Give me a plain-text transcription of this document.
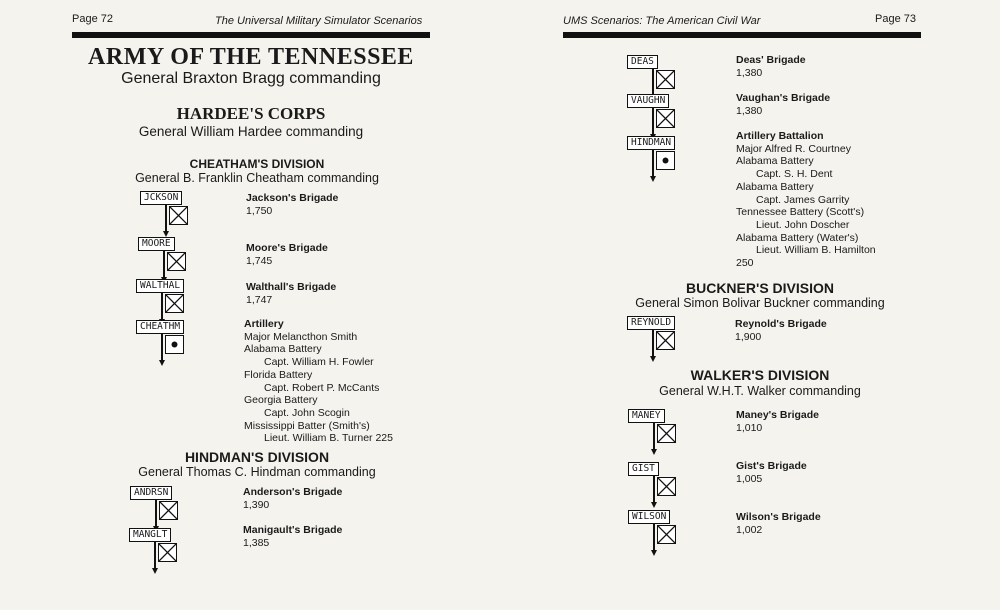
Page 72	The Universal Military Simulator Scenarios
ARMY OF THE TENNESSEE
General Braxton Bragg commanding
HARDEE'S CORPS
General William Hardee commanding
CHEATHAM'S DIVISION
General B. Franklin Cheatham commanding
HINDMAN'S DIVISION
General Thomas C. Hindman commanding
UMS Scenarios: The American Civil War	Page 73
BUCKNER'S DIVISION
General Simon Bolivar Buckner commanding
WALKER'S DIVISION
General W.H.T. Walker commanding
JCKSON	Jackson's Brigade
1,750
MOORE	Moore's Brigade
1,745
WALTHAL	Walthall's Brigade
1,747
CHEATHM	Artillery
Major Melancthon Smith
Alabama Battery
Capt. William H. Fowler
Florida Battery
Capt. Robert P. McCants
Georgia Battery
Capt. John Scogin
Mississippi Batter (Smith's)
Lieut. William B. Turner 225
ANDRSN	Anderson's Brigade
1,390
MANGLT	Manigault's Brigade
1,385
DEAS	Deas' Brigade
1,380
VAUGHN	Vaughan's Brigade
1,380
HINDMAN
Artillery Battalion
Major Alfred R. Courtney
Alabama Battery
Capt. S. H. Dent
Alabama Battery
Capt. James Garrity
Tennessee Battery (Scott's)
Lieut. John Doscher
Alabama Battery (Water's)
Lieut. William B. Hamilton
250
REYNOLD	Reynold's Brigade
1,900
MANEY	Maney's Brigade
1,010
GIST	Gist's Brigade
1,005
WILSON	Wilson's Brigade
1,002
